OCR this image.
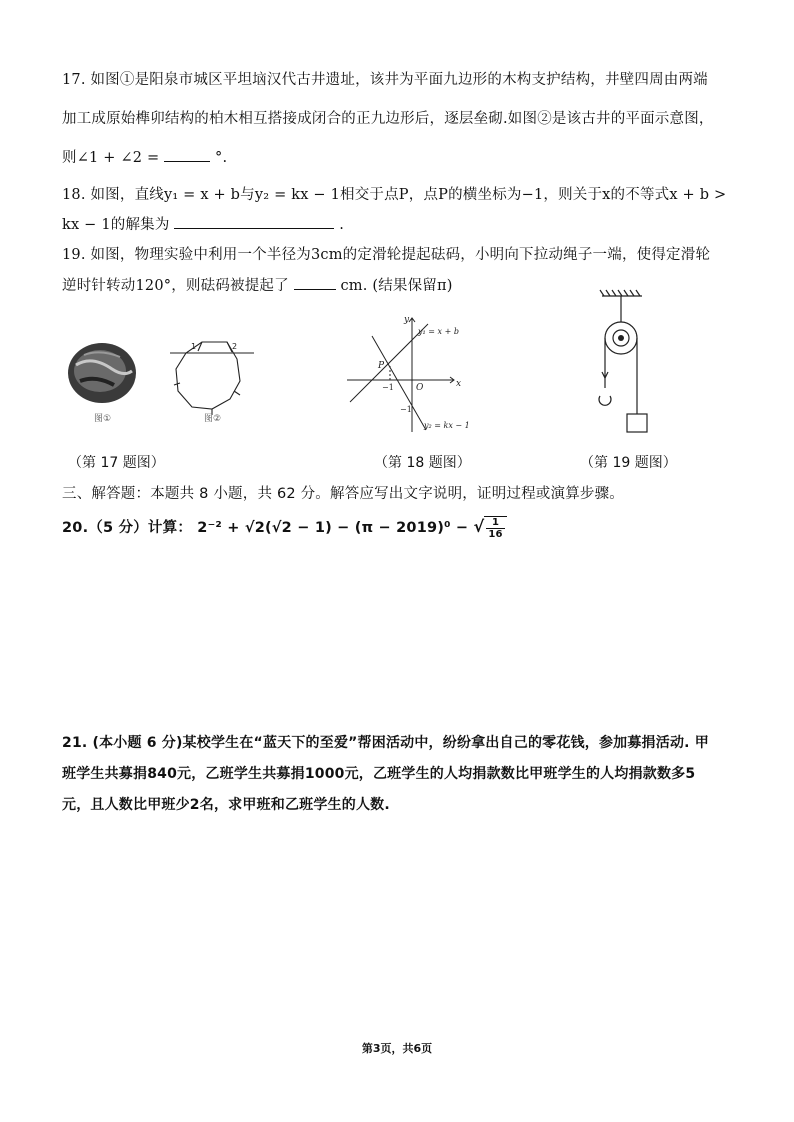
17. 如图①是阳泉市城区平坦垴汉代古井遗址，该井为平面九边形的木构支护结构，井壁四周由两端
加工成原始榫卯结构的柏木相互搭接成闭合的正九边形后，逐层垒砌.如图②是该古井的平面示意图，
则∠1 + ∠2 =	°.
18. 如图，直线y₁ = x + b与y₂ = kx − 1相交于点P，点P的横坐标为−1，则关于x的不等式x + b >
kx − 1的解集为	.
19. 如图，物理实验中利用一个半径为3cm的定滑轮提起砝码，小明向下拉动绳子一端，使得定滑轮
逆时针转动120°，则砝码被提起了	cm. (结果保留π)
图①
1	2
图②
y₁ = x + b
y₂ = kx − 1
x
y
O
P
−1
−1
（第 17 题图）	（第 18 题图）	（第 19 题图）
三、解答题：本题共 8 小题，共 62 分。解答应写出文字说明，证明过程或演算步骤。
20.（5 分）计算： 2⁻² + √2(√2 − 1) − (π − 2019)⁰ − √ $\frac{1}{16}$
21. (本小题 6 分)某校学生在“蓝天下的至爱”帮困活动中，纷纷拿出自己的零花钱，参加募捐活动. 甲
班学生共募捐840元，乙班学生共募捐1000元，乙班学生的人均捐款数比甲班学生的人均捐款数多5
元，且人数比甲班少2名，求甲班和乙班学生的人数.
第3页，共6页
